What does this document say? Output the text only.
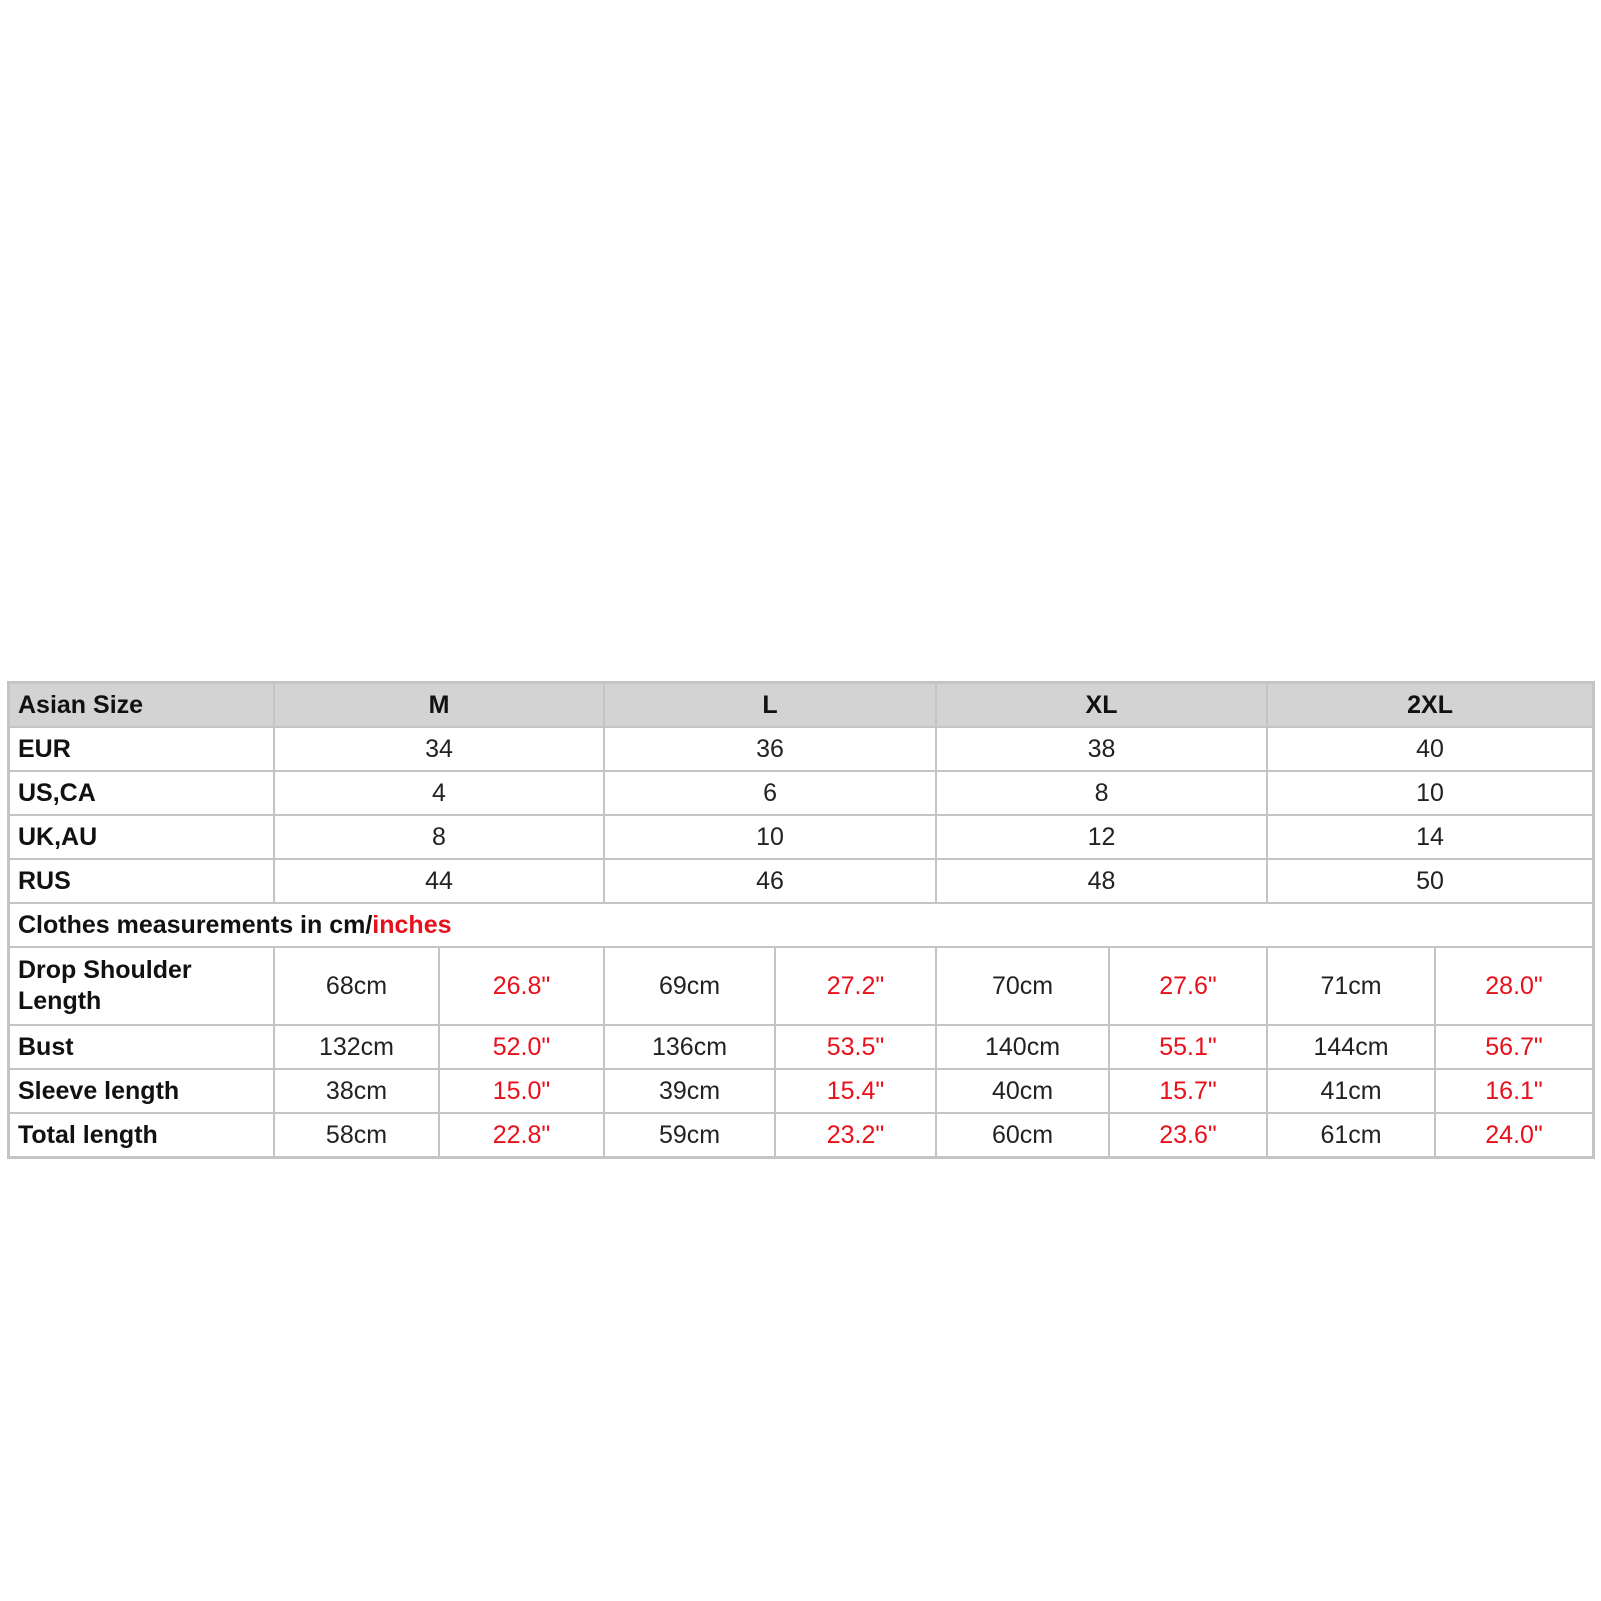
Asian Size	M		L		XL		2XL	
EUR	34		36		38		40	
US,CA	4		6		8		10	
UK,AU	8		10		12		14	
RUS	44		46		48		50	
Clothes measurements in cm/inches								
Drop Shoulder Length	68cm	26.8"	69cm	27.2"	70cm	27.6"	71cm	28.0"
Bust	132cm	52.0"	136cm	53.5"	140cm	55.1"	144cm	56.7"
Sleeve length	38cm	15.0"	39cm	15.4"	40cm	15.7"	41cm	16.1"
Total length	58cm	22.8"	59cm	23.2"	60cm	23.6"	61cm	24.0"
